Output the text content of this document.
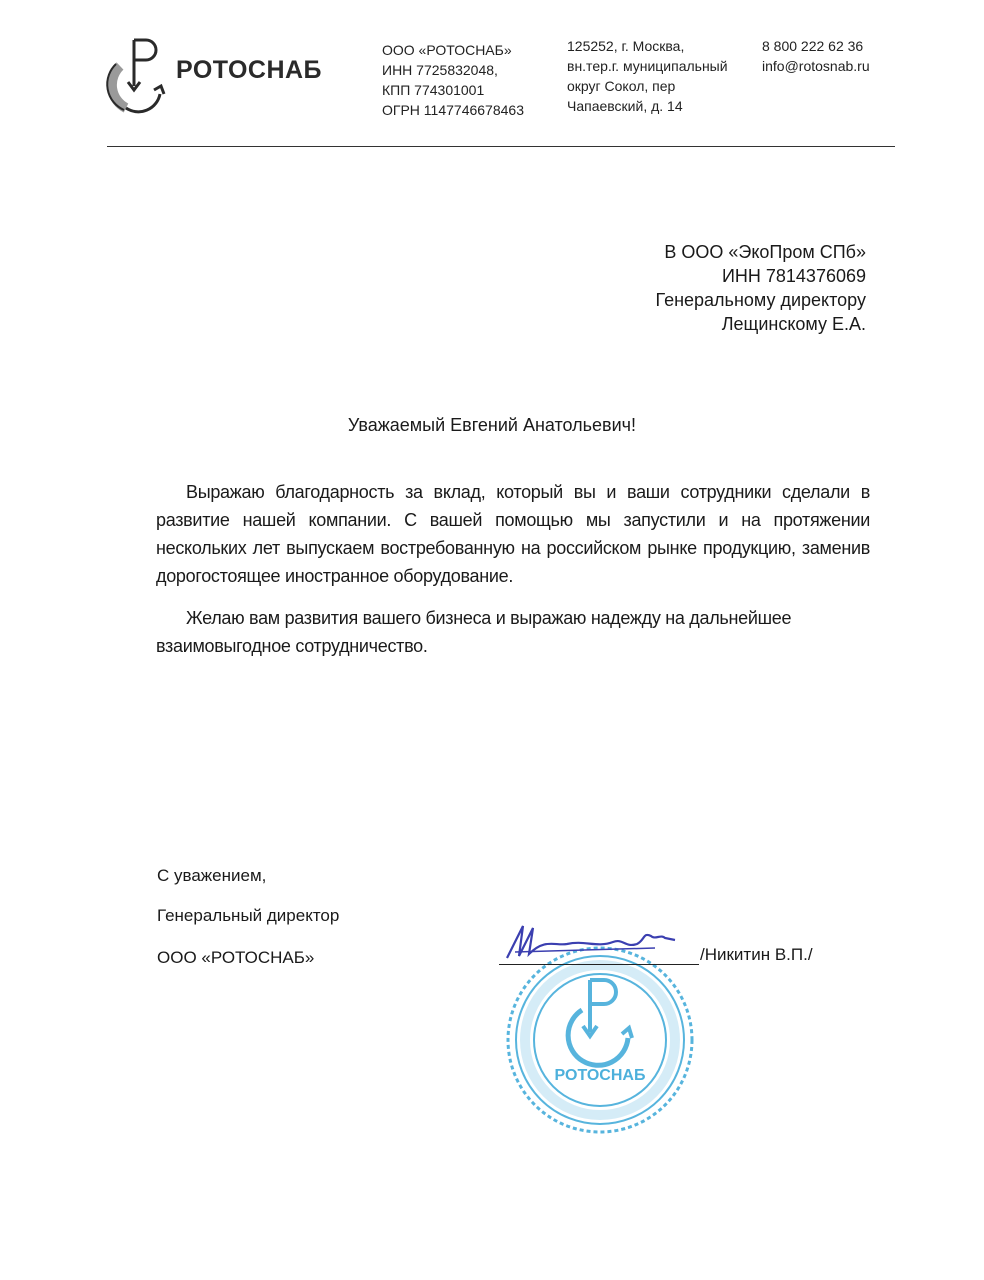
РОТОСНАБ
ООО «РОТОСНАБ»
ИНН 7725832048,
КПП 774301001
ОГРН 1147746678463
125252, г. Москва,
вн.тер.г. муниципальный
округ Сокол, пер
Чапаевский, д. 14
8 800 222 62 36
info@rotosnab.ru
В ООО «ЭкоПром СПб»
ИНН 7814376069
Генеральному директору
Лещинскому Е.А.
Уважаемый Евгений Анатольевич!

Выражаю благодарность за вклад, который вы и ваши сотрудники сделали в развитие нашей компании. С вашей помощью мы запустили и на протяжении нескольких лет выпускаем востребованную на российском рынке продукцию, заменив дорогостоящее иностранное оборудование.

Желаю вам развития вашего бизнеса и выражаю надежду на дальнейшее взаимовыгодное сотрудничество.

С уважением,
Генеральный директор
ООО «РОТОСНАБ»
РОТОСНАБ
/Никитин В.П./
